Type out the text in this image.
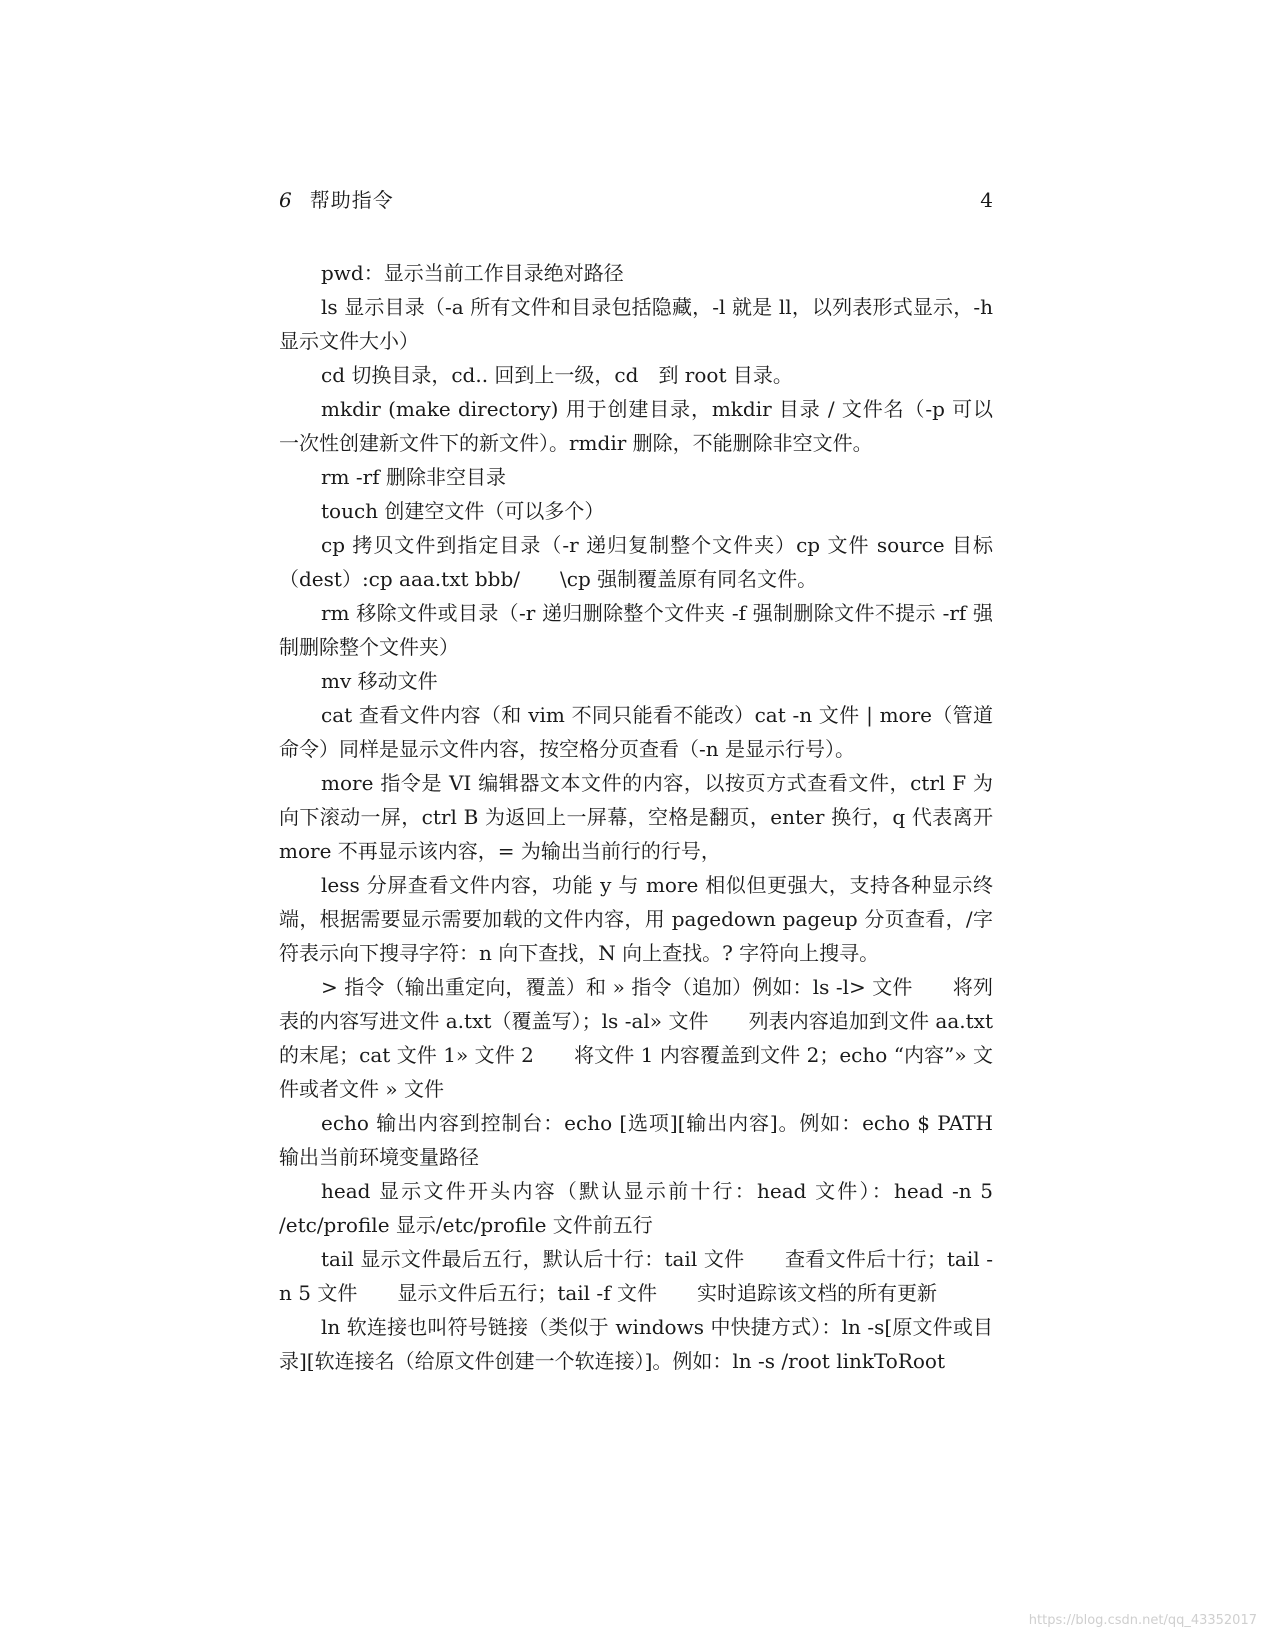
6 帮助指令	4

pwd：显示当前工作目录绝对路径

ls 显示目录（-a 所有文件和目录包括隐藏，-l 就是 ll，以列表形式显示，-h 显示文件大小）

cd 切换目录，cd.. 回到上一级，cd　到 root 目录。

mkdir (make directory) 用于创建目录，mkdir 目录 / 文件名（-p 可以一次性创建新文件下的新文件）。rmdir 删除，不能删除非空文件。

rm -rf 删除非空目录

touch 创建空文件（可以多个）

cp 拷贝文件到指定目录（-r 递归复制整个文件夹）cp 文件 source 目标（dest）:cp aaa.txt bbb/　　\cp 强制覆盖原有同名文件。

rm 移除文件或目录（-r 递归删除整个文件夹 -f 强制删除文件不提示 -rf 强制删除整个文件夹）

mv 移动文件

cat 查看文件内容（和 vim 不同只能看不能改）cat -n 文件 | more（管道命令）同样是显示文件内容，按空格分页查看（-n 是显示行号）。

more 指令是 VI 编辑器文本文件的内容，以按页方式查看文件，ctrl F 为向下滚动一屏，ctrl B 为返回上一屏幕，空格是翻页，enter 换行，q 代表离开 more 不再显示该内容，= 为输出当前行的行号，

less 分屏查看文件内容，功能 y 与 more 相似但更强大，支持各种显示终端，根据需要显示需要加载的文件内容，用 pagedown pageup 分页查看，/字符表示向下搜寻字符：n 向下查找，N 向上查找。? 字符向上搜寻。

> 指令（输出重定向，覆盖）和 » 指令（追加）例如：ls -l> 文件　　将列表的内容写进文件 a.txt（覆盖写）；ls -al» 文件　　列表内容追加到文件 aa.txt 的末尾；cat 文件 1» 文件 2　　将文件 1 内容覆盖到文件 2；echo “内容”» 文件或者文件 » 文件

echo 输出内容到控制台：echo [选项][输出内容]。例如：echo $ PATH 输出当前环境变量路径

head 显示文件开头内容（默认显示前十行：head 文件）：head -n 5 /etc/profile 显示/etc/profile 文件前五行

tail 显示文件最后五行，默认后十行：tail 文件　　查看文件后十行；tail -n 5 文件　　显示文件后五行；tail -f 文件　　实时追踪该文档的所有更新

ln 软连接也叫符号链接（类似于 windows 中快捷方式）：ln -s[原文件或目录][软连接名（给原文件创建一个软连接）]。例如：ln -s /root linkToRoot

https://blog.csdn.net/qq_43352017
